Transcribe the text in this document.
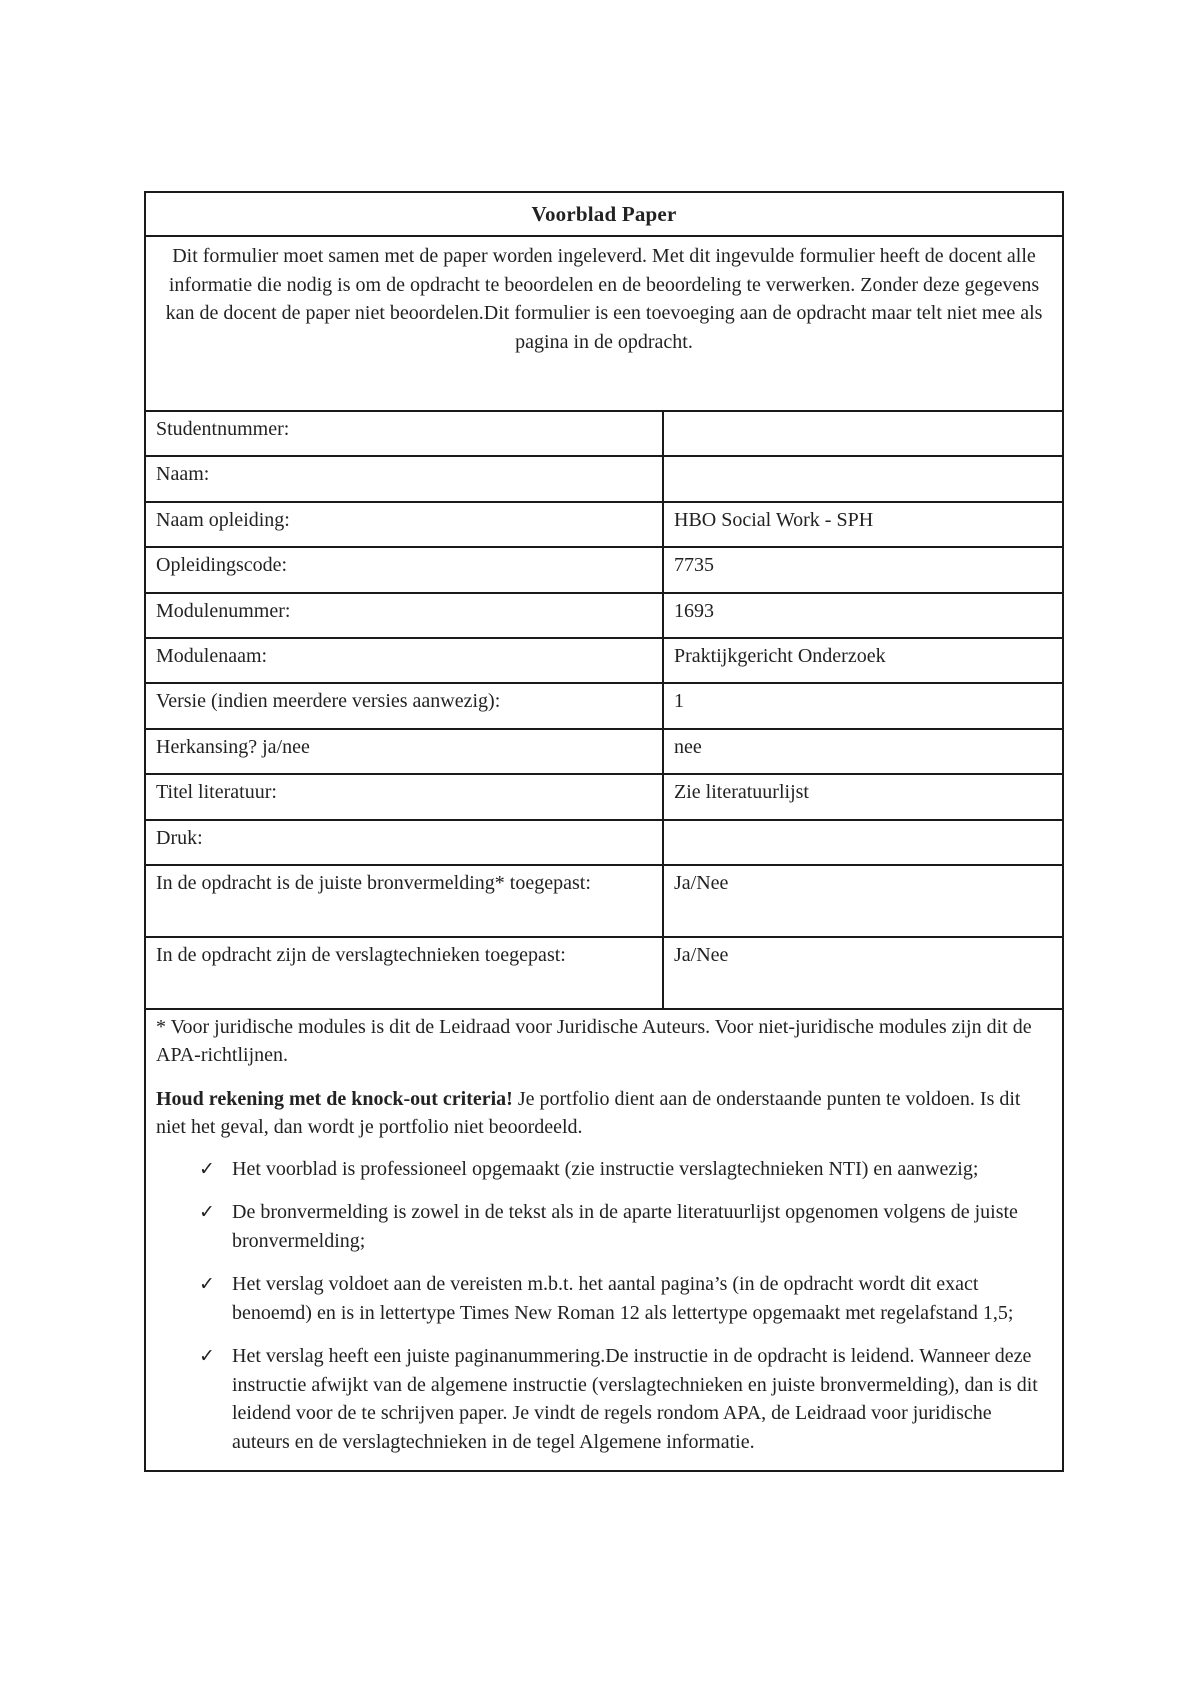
Voorblad Paper
Dit formulier moet samen met de paper worden ingeleverd. Met dit ingevulde formulier heeft de docent alle informatie die nodig is om de opdracht te beoordelen en de beoordeling te verwerken. Zonder deze gegevens kan de docent de paper niet beoordelen.Dit formulier is een toevoeging aan de opdracht maar telt niet mee als pagina in de opdracht.
Studentnummer:
Naam:
Naam opleiding:	HBO Social Work - SPH
Opleidingscode:	7735
Modulenummer:	1693
Modulenaam:	Praktijkgericht Onderzoek
Versie (indien meerdere versies aanwezig):	1
Herkansing? ja/nee	nee
Titel literatuur:	Zie literatuurlijst
Druk:
In de opdracht is de juiste bronvermelding* toegepast:	Ja/Nee
In de opdracht zijn de verslagtechnieken toegepast:	Ja/Nee

* Voor juridische modules is dit de Leidraad voor Juridische Auteurs. Voor niet-juridische modules zijn dit de APA-richtlijnen.

Houd rekening met de knock-out criteria! Je portfolio dient aan de onderstaande punten te voldoen. Is dit niet het geval, dan wordt je portfolio niet beoordeeld.

✓ Het voorblad is professioneel opgemaakt (zie instructie verslagtechnieken NTI) en aanwezig;
✓ De bronvermelding is zowel in de tekst als in de aparte literatuurlijst opgenomen volgens de juiste bronvermelding;
✓ Het verslag voldoet aan de vereisten m.b.t. het aantal pagina’s (in de opdracht wordt dit exact benoemd) en is in lettertype Times New Roman 12 als lettertype opgemaakt met regelafstand 1,5;
✓ Het verslag heeft een juiste paginanummering.De instructie in de opdracht is leidend. Wanneer deze instructie afwijkt van de algemene instructie (verslagtechnieken en juiste bronvermelding), dan is dit leidend voor de te schrijven paper. Je vindt de regels rondom APA, de Leidraad voor juridische auteurs en de verslagtechnieken in de tegel Algemene informatie.
